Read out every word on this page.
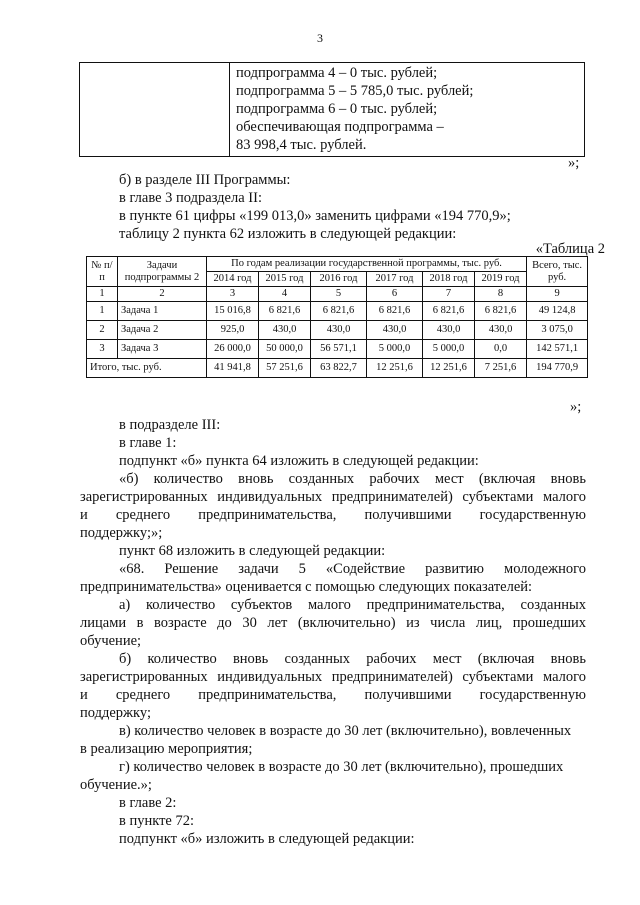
3

подпрограмма 4 – 0 тыс. рублей;
подпрограмма 5 – 5 785,0 тыс. рублей;
подпрограмма 6 – 0 тыс. рублей;
обеспечивающая подпрограмма –
83 998,4 тыс. рублей.
»;
б) в разделе III Программы:
в главе 3 подраздела II:
в пункте 61 цифры «199 013,0» заменить цифрами «194 770,9»;
таблицу 2 пункта 62 изложить в следующей редакции:
«Таблица 2
№ п/п	Задачи подпрограммы 2	По годам реализации государственной программы, тыс. руб.						Всего, тыс. руб.
		2014 год	2015 год	2016 год	2017 год	2018 год	2019 год	
1	2	3	4	5	6	7	8	9
1	Задача 1	15 016,8	6 821,6	6 821,6	6 821,6	6 821,6	6 821,6	49 124,8
2	Задача 2	925,0	430,0	430,0	430,0	430,0	430,0	3 075,0
3	Задача 3	26 000,0	50 000,0	56 571,1	5 000,0	5 000,0	0,0	142 571,1
Итого, тыс. руб.		41 941,8	57 251,6	63 822,7	12 251,6	12 251,6	7 251,6	194 770,9
»;
в подразделе III:
в главе 1:
подпункт «б» пункта 64 изложить в следующей редакции:
«б) количество вновь созданных рабочих мест (включая вновь
зарегистрированных индивидуальных предпринимателей) субъектами малого
и среднего предпринимательства, получившими государственную
поддержку;»;
пункт 68 изложить в следующей редакции:
«68. Решение задачи 5 «Содействие развитию молодежного
предпринимательства» оценивается с помощью следующих показателей:
а) количество субъектов малого предпринимательства, созданных
лицами в возрасте до 30 лет (включительно) из числа лиц, прошедших
обучение;
б) количество вновь созданных рабочих мест (включая вновь
зарегистрированных индивидуальных предпринимателей) субъектами малого
и среднего предпринимательства, получившими государственную
поддержку;
в) количество человек в возрасте до 30 лет (включительно), вовлеченных
в реализацию мероприятия;
г) количество человек в возрасте до 30 лет (включительно), прошедших
обучение.»;
в главе 2:
в пункте 72:
подпункт «б» изложить в следующей редакции:
